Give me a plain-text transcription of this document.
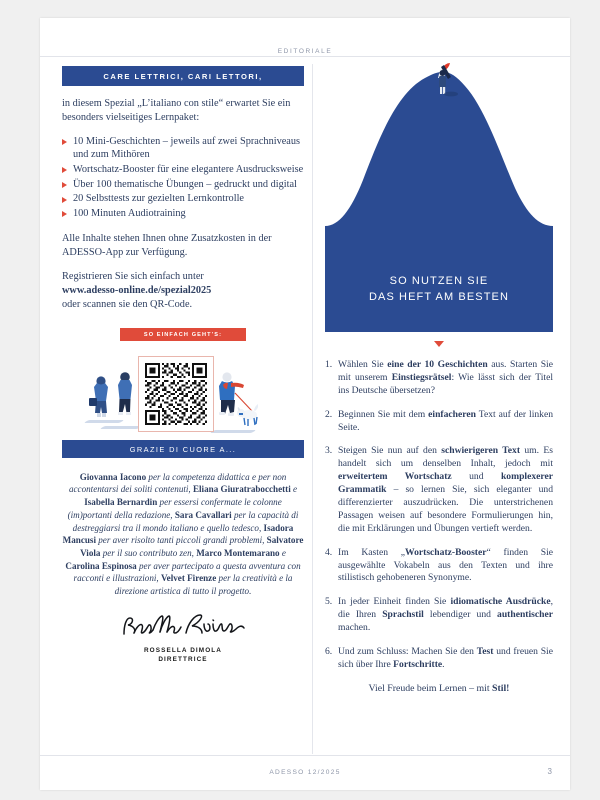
EDITORIALE
CARE LETTRICI, CARI LETTORI,
in diesem Spezial „L’italiano con stile“ erwartet Sie ein besonders vielseitiges Lernpaket:
10 Mini-Geschichten – jeweils auf zwei Sprachniveaus und zum Mithören
Wortschatz-Booster für eine elegantere Ausdrucksweise
Über 100 thematische Übungen – gedruckt und digital
20 Selbsttests zur gezielten Lernkontrolle
100 Minuten Audiotraining
Alle Inhalte stehen Ihnen ohne Zusatzkosten in der ADESSO-App zur Verfügung.
Registrieren Sie sich einfach unter
www.adesso-online.de/spezial2025
oder scannen sie den QR-Code.
SO EINFACH GEHT’S:
GRAZIE DI CUORE A...
Giovanna Iacono per la competenza didattica e per non accontentarsi dei soliti contenuti, Eliana Giuratrabocchetti e Isabella Bernardin per essersi confermate le colonne (im)portanti della redazione, Sara Cavallari per la capacità di destreggiarsi tra il mondo italiano e quello tedesco, Isadora Mancusi per aver risolto tanti piccoli grandi problemi, Salvatore Viola per il suo contributo zen, Marco Montemarano e Carolina Espinosa per aver partecipato a questa avventura con racconti e illustrazioni, Velvet Firenze per la creatività e la direzione artistica di tutto il progetto.
ROSSELLA DIMOLA
DIRETTRICE
SO NUTZEN SIE
DAS HEFT AM BESTEN
1. Wählen Sie eine der 10 Geschichten aus. Starten Sie mit unserem Einstiegsrätsel: Wie lässt sich der Titel ins Deutsche übersetzen?
2. Beginnen Sie mit dem einfacheren Text auf der linken Seite.
3. Steigen Sie nun auf den schwierigeren Text um. Es handelt sich um denselben Inhalt, jedoch mit erweitertem Wortschatz und komplexerer Grammatik – so lernen Sie, sich eleganter und differenzierter auszudrücken. Die unterstrichenen Passagen weisen auf besondere Formulierungen hin, die mit Erklärungen und Übungen vertieft werden.
4. Im Kasten „Wortschatz-Booster“ finden Sie ausgewählte Vokabeln aus den Texten und ihre stilistisch gehobeneren Synonyme.
5. In jeder Einheit finden Sie idiomatische Ausdrücke, die Ihren Sprachstil lebendiger und authentischer machen.
6. Und zum Schluss: Machen Sie den Test und freuen Sie sich über Ihre Fortschritte.
Viel Freude beim Lernen – mit Stil!
ADESSO 12/2025	3
